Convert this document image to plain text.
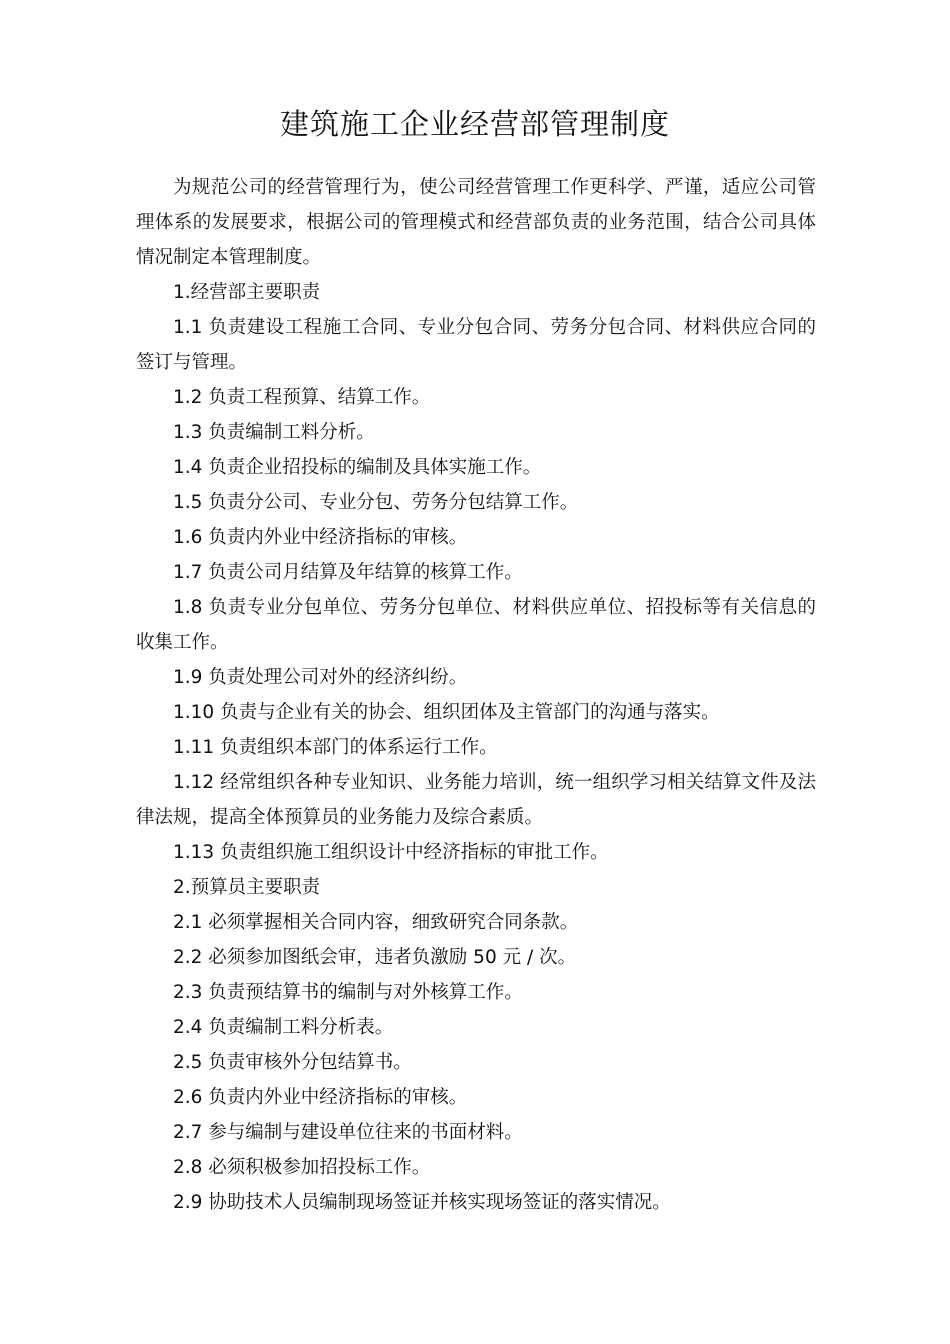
建筑施工企业经营部管理制度

为规范公司的经营管理行为，使公司经营管理工作更科学、严谨，适应公司管理体系的发展要求，根据公司的管理模式和经营部负责的业务范围，结合公司具体情况制定本管理制度。

1.经营部主要职责

1.1 负责建设工程施工合同、专业分包合同、劳务分包合同、材料供应合同的签订与管理。

1.2 负责工程预算、结算工作。

1.3 负责编制工料分析。

1.4 负责企业招投标的编制及具体实施工作。

1.5 负责分公司、专业分包、劳务分包结算工作。

1.6 负责内外业中经济指标的审核。

1.7 负责公司月结算及年结算的核算工作。

1.8 负责专业分包单位、劳务分包单位、材料供应单位、招投标等有关信息的收集工作。

1.9 负责处理公司对外的经济纠纷。

1.10 负责与企业有关的协会、组织团体及主管部门的沟通与落实。

1.11 负责组织本部门的体系运行工作。

1.12 经常组织各种专业知识、业务能力培训，统一组织学习相关结算文件及法律法规，提高全体预算员的业务能力及综合素质。

1.13 负责组织施工组织设计中经济指标的审批工作。

2.预算员主要职责

2.1 必须掌握相关合同内容，细致研究合同条款。

2.2 必须参加图纸会审，违者负激励 50 元 / 次。

2.3 负责预结算书的编制与对外核算工作。

2.4 负责编制工料分析表。

2.5 负责审核外分包结算书。

2.6 负责内外业中经济指标的审核。

2.7 参与编制与建设单位往来的书面材料。

2.8 必须积极参加招投标工作。

2.9 协助技术人员编制现场签证并核实现场签证的落实情况。
